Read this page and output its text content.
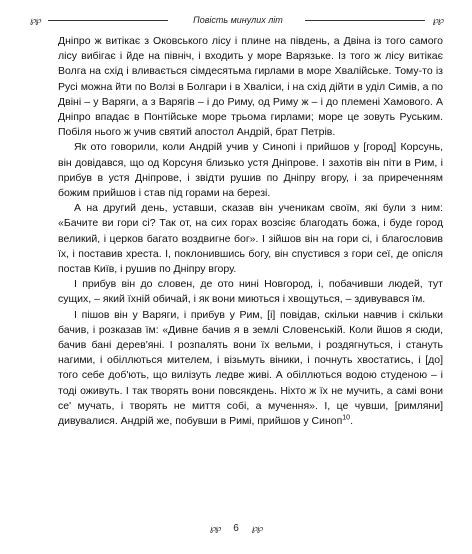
℘℘	Повість минулих літ	℘℘

Дніпро ж витікає з Оковського лісу і плине на південь, а Двіна із того самого лісу вибігає і йде на північ, і входить у море Варязьке. Із того ж лісу витікає Волга на схід і вливається сімдесятьма гирлами в море Хвалійське. Тому-то із Русі можна йти по Волзі в Болгари і в Хваліси, і на схід дійти в уділ Симів, а по Двіні – у Варяги, а з Варягів – і до Риму, од Риму ж – і до племені Хамового. А Дніпро впадає в Понтійське море трьома гирлами; море це зовуть Руським. Побіля нього ж учив святий апостол Андрій, брат Петрів.

Як ото говорили, коли Андрій учив у Синопі і прийшов у [город] Корсунь, він довідався, що од Корсуня близько устя Дніпрове. І захотів він піти в Рим, і прибув в устя Дніпрове, і звідти рушив по Дніпру вгору, і за приреченням божим прийшов і став під горами на березі.

А на другий день, уставши, сказав він ученикам своїм, які були з ним: «Бачите ви гори сі? Так от, на сих горах возсіяє благодать божа, і буде город великий, і церков багато воздвигне бог». І зійшов він на гори сі, і благословив їх, і поставив хреста. І, поклонившись богу, він спустився з гори сеї, де опісля постав Київ, і рушив по Дніпру вгору.

І прибув він до словен, де ото нині Новгород, і, побачивши людей, тут сущих, – який їхній обичай, і як вони миються і хвощуться, – здивувався їм.

І пішов він у Варяги, і прибув у Рим, [і] повідав, скільки навчив і скільки бачив, і розказав їм: «Дивне бачив я в землі Словенській. Коли йшов я сюди, бачив бані дерев'яні. І розпалять вони їх вельми, і роздягнуться, і стануть нагими, і обіллються мителем, і візьмуть віники, і почнуть хвостатись, і [до] того себе доб'ють, що вилізуть ледве живі. А обіллються водою студеною – і тоді оживуть. І так творять вони повсякдень. Ніхто ж їх не мучить, а самі вони се' мучать, і творять не миття собі, а мучення». І, це чувши, [римляни] дивувалися. Андрій же, побувши в Римі, прийшов у Синоп$^{10}$.

℘℘ 6 ℘℘
